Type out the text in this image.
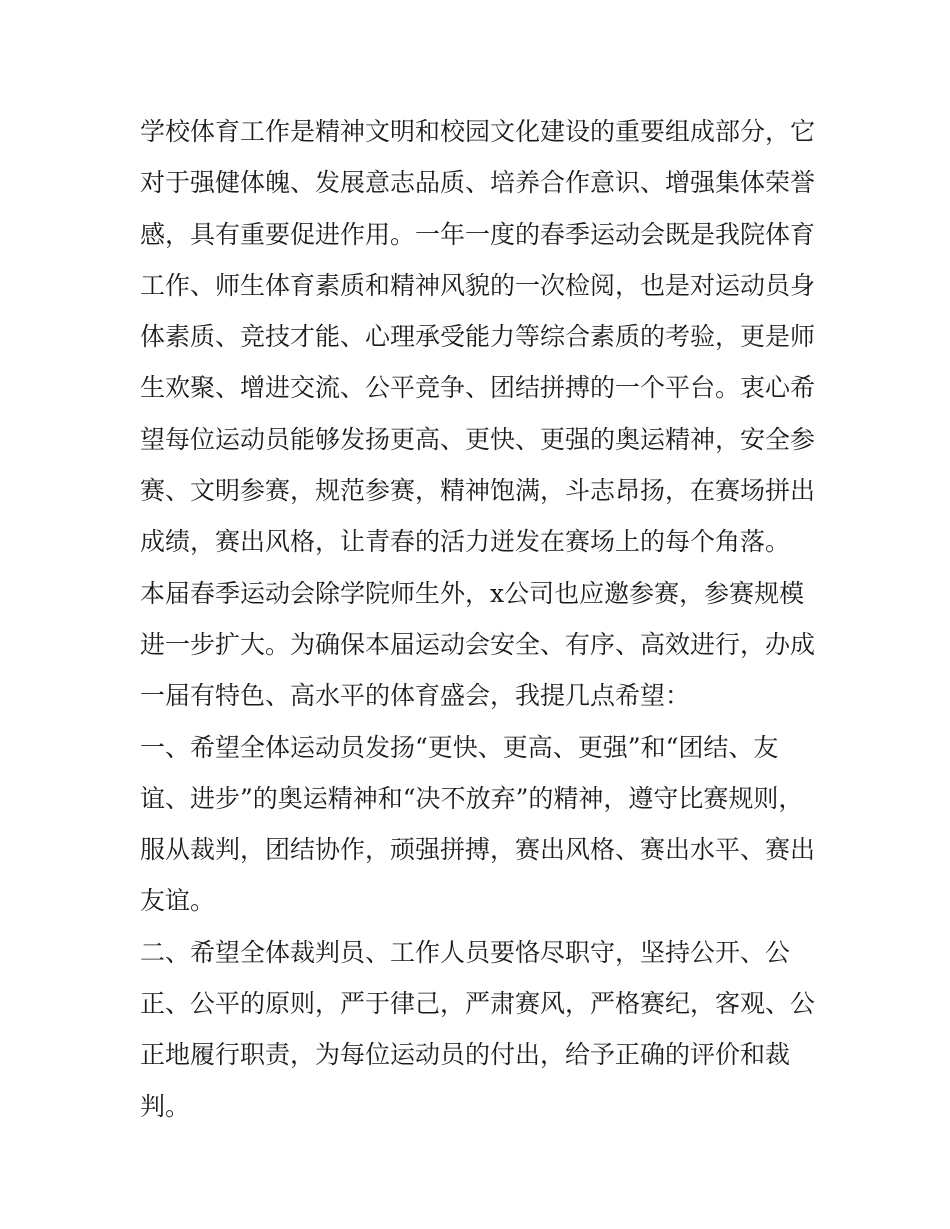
学校体育工作是精神文明和校园文化建设的重要组成部分，它
对于强健体魄、发展意志品质、培养合作意识、增强集体荣誉
感，具有重要促进作用。一年一度的春季运动会既是我院体育
工作、师生体育素质和精神风貌的一次检阅，也是对运动员身
体素质、竞技才能、心理承受能力等综合素质的考验，更是师
生欢聚、增进交流、公平竞争、团结拼搏的一个平台。衷心希
望每位运动员能够发扬更高、更快、更强的奥运精神，安全参
赛、文明参赛，规范参赛，精神饱满，斗志昂扬，在赛场拼出
成绩，赛出风格，让青春的活力迸发在赛场上的每个角落。
本届春季运动会除学院师生外，x公司也应邀参赛，参赛规模
进一步扩大。为确保本届运动会安全、有序、高效进行，办成
一届有特色、高水平的体育盛会，我提几点希望：
一、希望全体运动员发扬“更快、更高、更强”和“团结、友
谊、进步”的奥运精神和“决不放弃”的精神，遵守比赛规则，
服从裁判，团结协作，顽强拼搏，赛出风格、赛出水平、赛出
友谊。
二、希望全体裁判员、工作人员要恪尽职守，坚持公开、公
正、公平的原则，严于律己，严肃赛风，严格赛纪，客观、公
正地履行职责，为每位运动员的付出，给予正确的评价和裁
判。
